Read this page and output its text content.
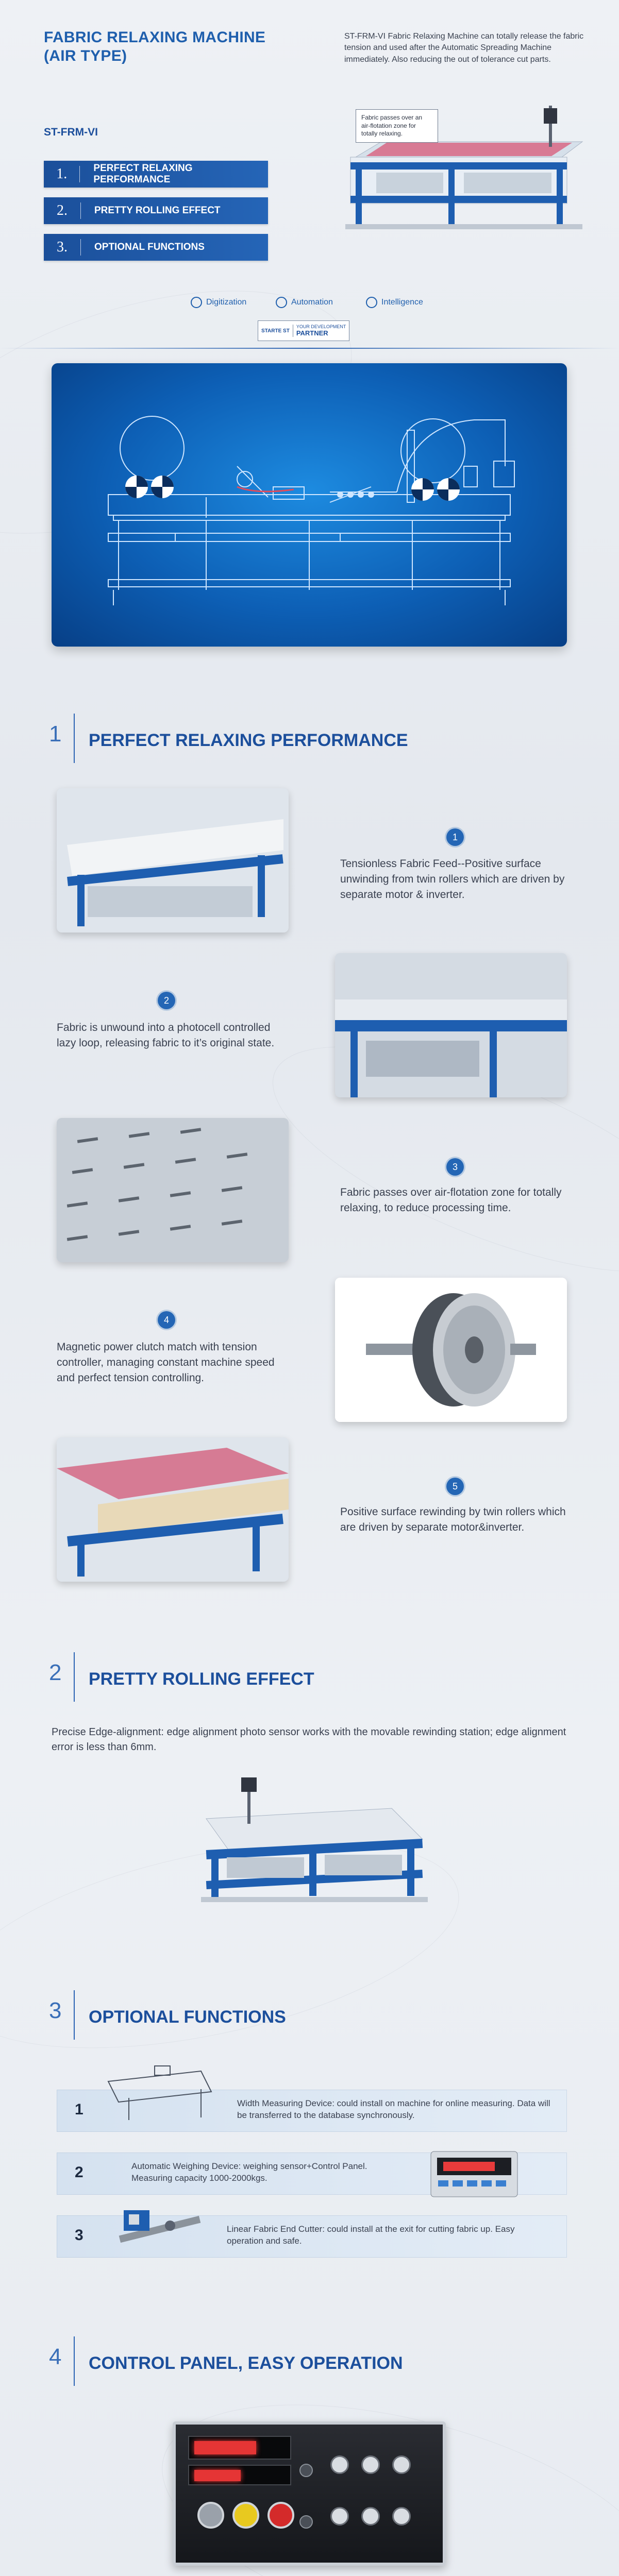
FABRIC RELAXING MACHINE
(AIR TYPE)
ST-FRM-VI
1.	PERFECT RELAXING PERFORMANCE
2.	PRETTY ROLLING EFFECT
3.	OPTIONAL FUNCTIONS
ST-FRM-VI Fabric Relaxing Machine can totally release the fabric tension and used after the Automatic Spreading Machine immediately. Also reducing the out of tolerance cut parts.
Fabric passes over an air-flotation zone for totally relaxing.
Digitization	Automation	Intelligence
STARTE ST
YOUR DEVELOPMENT
PARTNER
1 PERFECT RELAXING PERFORMANCE
1
Tensionless Fabric Feed--Positive surface unwinding from twin rollers which are driven by separate motor & inverter.
2
Fabric is unwound into a photocell controlled lazy loop, releasing fabric to it’s original state.
3
Fabric passes over air-flotation zone for totally relaxing, to reduce processing time.
4
Magnetic power clutch match with tension controller, managing constant machine speed and perfect tension controlling.
5
Positive surface rewinding by twin rollers which are driven by separate motor&inverter.
2 PRETTY ROLLING EFFECT
Precise Edge-alignment: edge alignment photo sensor works with the movable rewinding station; edge alignment error is less than 6mm.
3 OPTIONAL FUNCTIONS
1	Width Measuring Device: could install on machine for online measuring. Data will be transferred to the database synchronously.
2	Automatic Weighing Device: weighing sensor+Control Panel. Measuring capacity 1000-2000kgs.
3	Linear Fabric End Cutter: could install at the exit for cutting fabric up. Easy operation and safe.
4 CONTROL PANEL, EASY OPERATION
